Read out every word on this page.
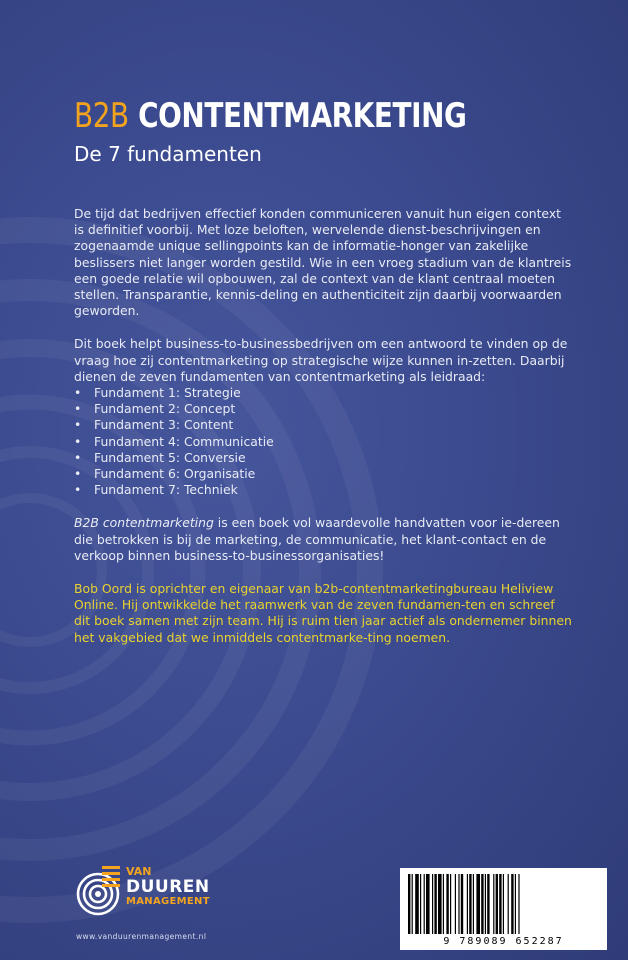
B2B CONTENTMARKETING
De 7 fundamenten

De tijd dat bedrijven effectief konden communiceren vanuit hun eigen context is definitief voorbij. Met loze beloften, wervelende dienst-beschrijvingen en zogenaamde unique sellingpoints kan de informatie-honger van zakelijke beslissers niet langer worden gestild. Wie in een vroeg stadium van de klantreis een goede relatie wil opbouwen, zal de context van de klant centraal moeten stellen. Transparantie, kennis-deling en authenticiteit zijn daarbij voorwaarden geworden.

Dit boek helpt business-to-businessbedrijven om een antwoord te vinden op de vraag hoe zij contentmarketing op strategische wijze kunnen in-zetten. Daarbij dienen de zeven fundamenten van contentmarketing als leidraad:
• Fundament 1: Strategie
• Fundament 2: Concept
• Fundament 3: Content
• Fundament 4: Communicatie
• Fundament 5: Conversie
• Fundament 6: Organisatie
• Fundament 7: Techniek

B2B contentmarketing is een boek vol waardevolle handvatten voor ie-dereen die betrokken is bij de marketing, de communicatie, het klant-contact en de verkoop binnen business-to-businessorganisaties!

Bob Oord is oprichter en eigenaar van b2b-contentmarketingbureau Heliview Online. Hij ontwikkelde het raamwerk van de zeven fundamen-ten en schreef dit boek samen met zijn team. Hij is ruim tien jaar actief als ondernemer binnen het vakgebied dat we inmiddels contentmarke-ting noemen.

VAN
DUUREN
MANAGEMENT
www.vanduurenmanagement.nl	9 789089 652287
